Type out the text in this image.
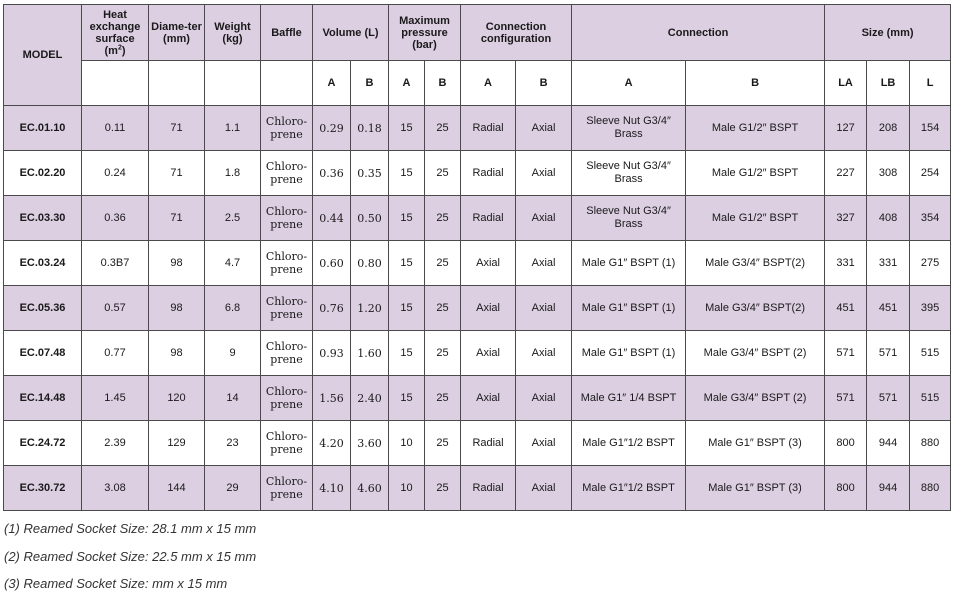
MODEL	Heat exchange surface $(m^2)$	Diame-ter (mm)	Weight (kg)	Baffle	Volume (L)		Maximum pressure (bar)		Connection configuration		Connection		Size (mm)		
					A	B	A	B	A	B	A	B	LA	LB	L
EC.01.10	0.11	71	1.1	Chloro-prene	0.29	0.18	15	25	Radial	Axial	Sleeve Nut G3/4″ Brass	Male G1/2″ BSPT	127	208	154
EC.02.20	0.24	71	1.8	Chloro-prene	0.36	0.35	15	25	Radial	Axial	Sleeve Nut G3/4″ Brass	Male G1/2″ BSPT	227	308	254
EC.03.30	0.36	71	2.5	Chloro-prene	0.44	0.50	15	25	Radial	Axial	Sleeve Nut G3/4″ Brass	Male G1/2″ BSPT	327	408	354
EC.03.24	0.3B7	98	4.7	Chloro-prene	0.60	0.80	15	25	Axial	Axial	Male G1″ BSPT (1)	Male G3/4″ BSPT(2)	331	331	275
EC.05.36	0.57	98	6.8	Chloro-prene	0.76	1.20	15	25	Axial	Axial	Male G1″ BSPT (1)	Male G3/4″ BSPT(2)	451	451	395
EC.07.48	0.77	98	9	Chloro-prene	0.93	1.60	15	25	Axial	Axial	Male G1″ BSPT (1)	Male G3/4″ BSPT (2)	571	571	515
EC.14.48	1.45	120	14	Chloro-prene	1.56	2.40	15	25	Axial	Axial	Male G1″ 1/4 BSPT	Male G3/4″ BSPT (2)	571	571	515
EC.24.72	2.39	129	23	Chloro-prene	4.20	3.60	10	25	Radial	Axial	Male G1″1/2 BSPT	Male G1″ BSPT (3)	800	944	880
EC.30.72	3.08	144	29	Chloro-prene	4.10	4.60	10	25	Radial	Axial	Male G1″1/2 BSPT	Male G1″ BSPT (3)	800	944	880
(1) Reamed Socket Size: 28.1 mm x 15 mm
(2) Reamed Socket Size: 22.5 mm x 15 mm
(3) Reamed Socket Size: mm x 15 mm
